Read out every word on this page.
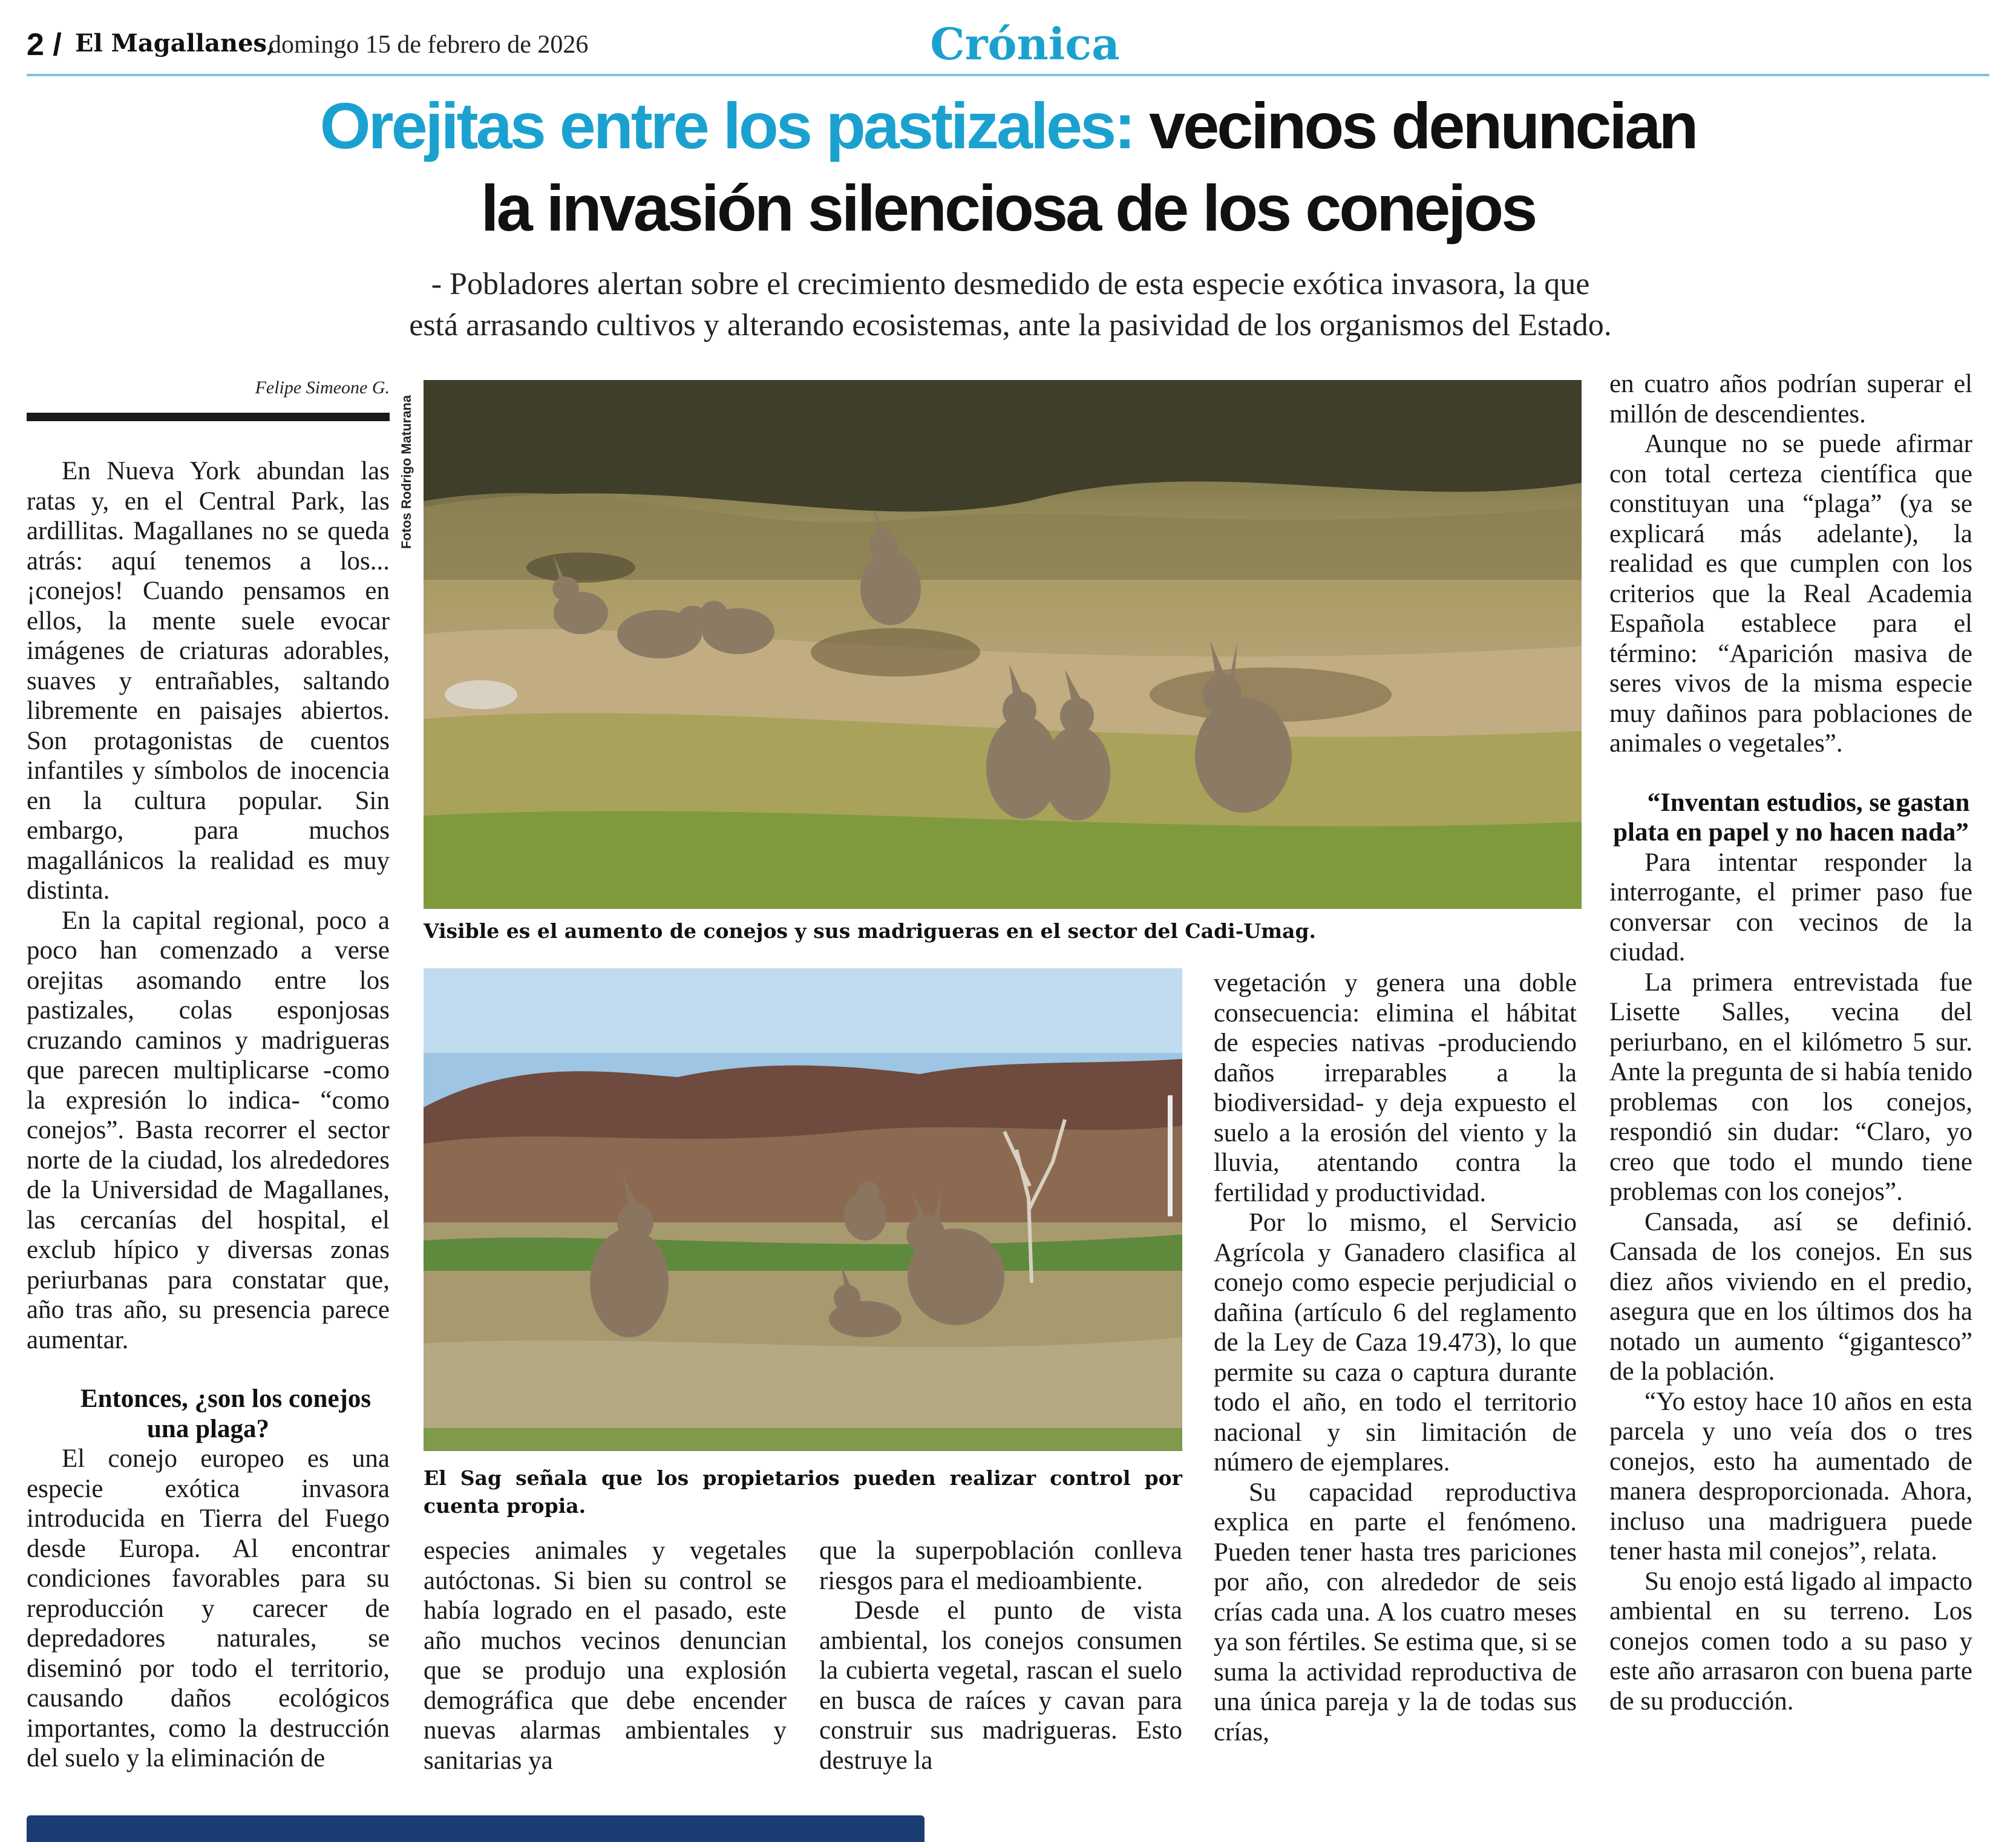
2 / El Magallanes,
domingo 15 de febrero de 2026	Crónica
Orejitas entre los pastizales: vecinos denuncian
la invasión silenciosa de los conejos
- Pobladores alertan sobre el crecimiento desmedido de esta especie exótica invasora, la que
está arrasando cultivos y alterando ecosistemas, ante la pasividad de los organismos del Estado.
Felipe Simeone G.
Fotos Rodrigo Maturana
Visible es el aumento de conejos y sus madrigueras en el sector del Cadi-Umag.
El Sag señala que los propietarios pueden realizar control por cuenta propia.

En Nueva York abundan las ratas y, en el Central Park, las ardillitas. Magallanes no se queda atrás: aquí tenemos a los... ¡conejos! Cuando pensamos en ellos, la mente suele evocar imágenes de criaturas adorables, suaves y entrañables, saltando libremente en paisajes abiertos. Son protagonistas de cuentos infantiles y símbolos de inocencia en la cultura popular. Sin embargo, para muchos magallánicos la realidad es muy distinta.

En la capital regional, poco a poco han comenzado a verse orejitas asomando entre los pastizales, colas esponjosas cruzando caminos y madrigueras que parecen multiplicarse -como la expresión lo indica- “como conejos”. Basta recorrer el sector norte de la ciudad, los alrededores de la Universidad de Magallanes, las cercanías del hospital, el exclub hípico y diversas zonas periurbanas para constatar que, año tras año, su presencia parece aumentar.

Entonces, ¿son los conejos una plaga?

El conejo europeo es una especie exótica invasora introducida en Tierra del Fuego desde Europa. Al encontrar condiciones favorables para su reproducción y carecer de depredadores naturales, se diseminó por todo el territorio, causando daños ecológicos importantes, como la destrucción del suelo y la eliminación de

especies animales y vegetales autóctonas. Si bien su control se había logrado en el pasado, este año muchos vecinos denuncian que se produjo una explosión demográfica que debe encender nuevas alarmas ambientales y sanitarias ya

que la superpoblación conlleva riesgos para el medioambiente.

Desde el punto de vista ambiental, los conejos consumen la cubierta vegetal, rascan el suelo en busca de raíces y cavan para construir sus madrigueras. Esto destruye la

vegetación y genera una doble consecuencia: elimina el hábitat de especies nativas -produciendo daños irreparables a la biodiversidad- y deja expuesto el suelo a la erosión del viento y la lluvia, atentando contra la fertilidad y productividad.

Por lo mismo, el Servicio Agrícola y Ganadero clasifica al conejo como especie perjudicial o dañina (artículo 6 del reglamento de la Ley de Caza 19.473), lo que permite su caza o captura durante todo el año, en todo el territorio nacional y sin limitación de número de ejemplares.

Su capacidad reproductiva explica en parte el fenómeno. Pueden tener hasta tres pariciones por año, con alrededor de seis crías cada una. A los cuatro meses ya son fértiles. Se estima que, si se suma la actividad reproductiva de una única pareja y la de todas sus crías,

en cuatro años podrían superar el millón de descendientes.

Aunque no se puede afirmar con total certeza científica que constituyan una “plaga” (ya se explicará más adelante), la realidad es que cumplen con los criterios que la Real Academia Española establece para el término: “Aparición masiva de seres vivos de la misma especie muy dañinos para poblaciones de animales o vegetales”.

“Inventan estudios, se gastan plata en papel y no hacen nada”

Para intentar responder la interrogante, el primer paso fue conversar con vecinos de la ciudad.

La primera entrevistada fue Lisette Salles, vecina del periurbano, en el kilómetro 5 sur. Ante la pregunta de si había tenido problemas con los conejos, respondió sin dudar: “Claro, yo creo que todo el mundo tiene problemas con los conejos”.

Cansada, así se definió. Cansada de los conejos. En sus diez años viviendo en el predio, asegura que en los últimos dos ha notado un aumento “gigantesco” de la población.

“Yo estoy hace 10 años en esta parcela y uno veía dos o tres conejos, esto ha aumentado de manera desproporcionada. Ahora, incluso una madriguera puede tener hasta mil conejos”, relata.

Su enojo está ligado al impacto ambiental en su terreno. Los conejos comen todo a su paso y este año arrasaron con buena parte de su producción.
